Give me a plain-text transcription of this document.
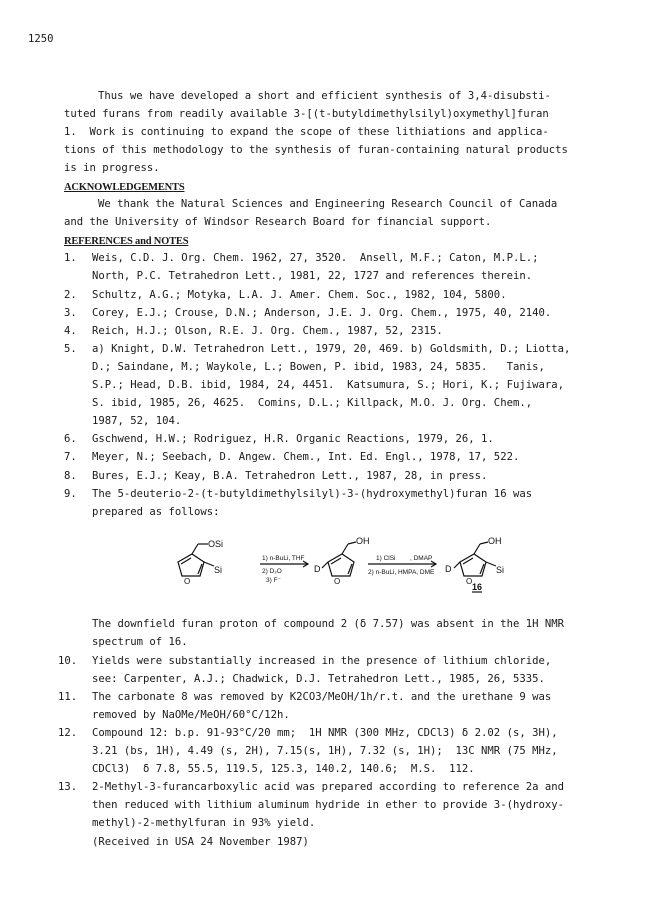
1250
Thus we have developed a short and efficient synthesis of 3,4-disubsti-
tuted furans from readily available 3-[(t-butyldimethylsilyl)oxymethyl]furan
1.  Work is continuing to expand the scope of these lithiations and applica-
tions of this methodology to the synthesis of furan-containing natural products
is in progress.
ACKNOWLEDGEMENTS
We thank the Natural Sciences and Engineering Research Council of Canada
and the University of Windsor Research Board for financial support.
REFERENCES and NOTES
1. Weis, C.D. J. Org. Chem. 1962, 27, 3520.  Ansell, M.F.; Caton, M.P.L.;
North, P.C. Tetrahedron Lett., 1981, 22, 1727 and references therein.
2. Schultz, A.G.; Motyka, L.A. J. Amer. Chem. Soc., 1982, 104, 5800.
3. Corey, E.J.; Crouse, D.N.; Anderson, J.E. J. Org. Chem., 1975, 40, 2140.
4. Reich, H.J.; Olson, R.E. J. Org. Chem., 1987, 52, 2315.
5. a) Knight, D.W. Tetrahedron Lett., 1979, 20, 469. b) Goldsmith, D.; Liotta,
D.; Saindane, M.; Waykole, L.; Bowen, P. ibid, 1983, 24, 5835.   Tanis,
S.P.; Head, D.B. ibid, 1984, 24, 4451.  Katsumura, S.; Hori, K.; Fujiwara,
S. ibid, 1985, 26, 4625.  Comins, D.L.; Killpack, M.O. J. Org. Chem.,
1987, 52, 104.
6. Gschwend, H.W.; Rodriguez, H.R. Organic Reactions, 1979, 26, 1.
7. Meyer, N.; Seebach, D. Angew. Chem., Int. Ed. Engl., 1978, 17, 522.
8. Bures, E.J.; Keay, B.A. Tetrahedron Lett., 1987, 28, in press.
9. The 5-deuterio-2-(t-butyldimethylsilyl)-3-(hydroxymethyl)furan 16 was
prepared as follows:
OSi
O
Si
1) n-BuLi, THF
2) D₂O
3) F⁻
OH
D
O
1) ClSi , DMAP
2) n-BuLi, HMPA, DME
OH
D
O
Si
16
The downfield furan proton of compound 2 (δ 7.57) was absent in the 1H NMR
spectrum of 16.
10. Yields were substantially increased in the presence of lithium chloride,
see: Carpenter, A.J.; Chadwick, D.J. Tetrahedron Lett., 1985, 26, 5335.
11. The carbonate 8 was removed by K2CO3/MeOH/1h/r.t. and the urethane 9 was
removed by NaOMe/MeOH/60°C/12h.
12. Compound 12: b.p. 91-93°C/20 mm;  1H NMR (300 MHz, CDCl3) δ 2.02 (s, 3H),
3.21 (bs, 1H), 4.49 (s, 2H), 7.15(s, 1H), 7.32 (s, 1H);  13C NMR (75 MHz,
CDCl3)  δ 7.8, 55.5, 119.5, 125.3, 140.2, 140.6;  M.S.  112.
13. 2-Methyl-3-furancarboxylic acid was prepared according to reference 2a and
then reduced with lithium aluminum hydride in ether to provide 3-(hydroxy-
methyl)-2-methylfuran in 93% yield.
(Received in USA 24 November 1987)
